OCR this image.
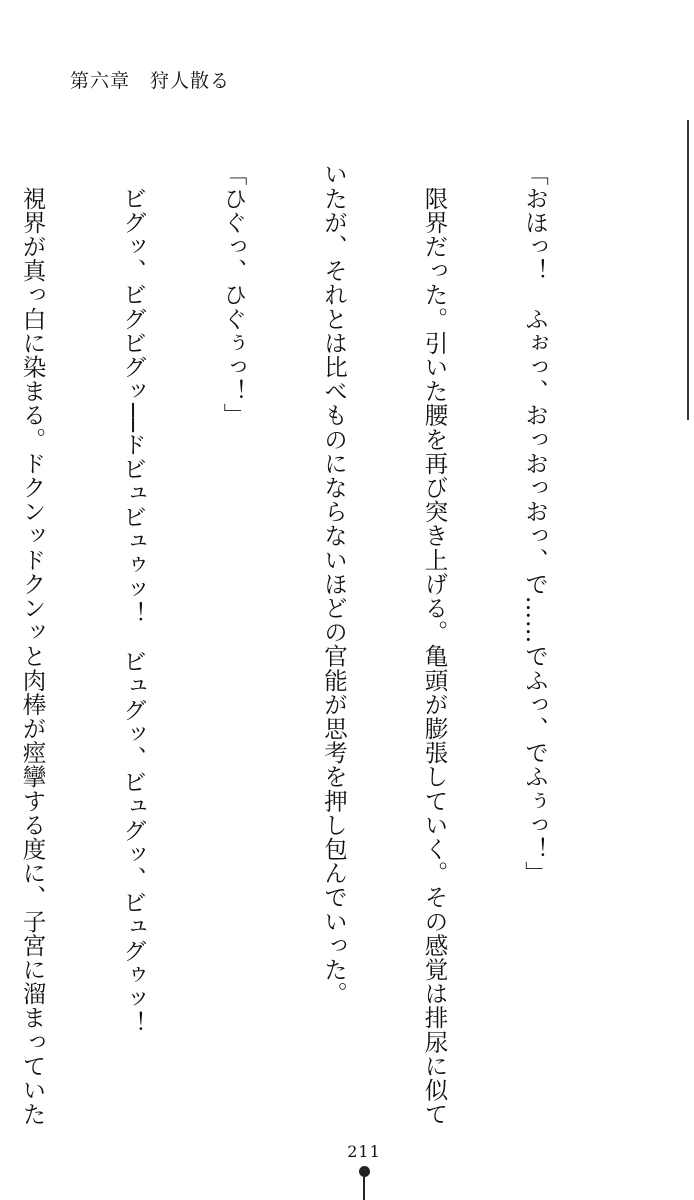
第六章　狩人散る

「おほっ！　ふぉっ、おっおっおっ、で……でふっ、でふぅっ！」

　限界だった。引いた腰を再び突き上げる。亀頭が膨張していく。その感覚は排尿に似て

いたが、それとは比べものにならないほどの官能が思考を押し包んでいった。

「ひぐっ、ひぐぅっ！」

　ビグッ、ビグビグッ──ドビュビュゥッ！　ビュグッ、ビュグッ、ビュグゥッ！

　視界が真っ白に染まる。ドクンッドクンッと肉棒が痙攣する度に、子宮に溜まっていた

211
